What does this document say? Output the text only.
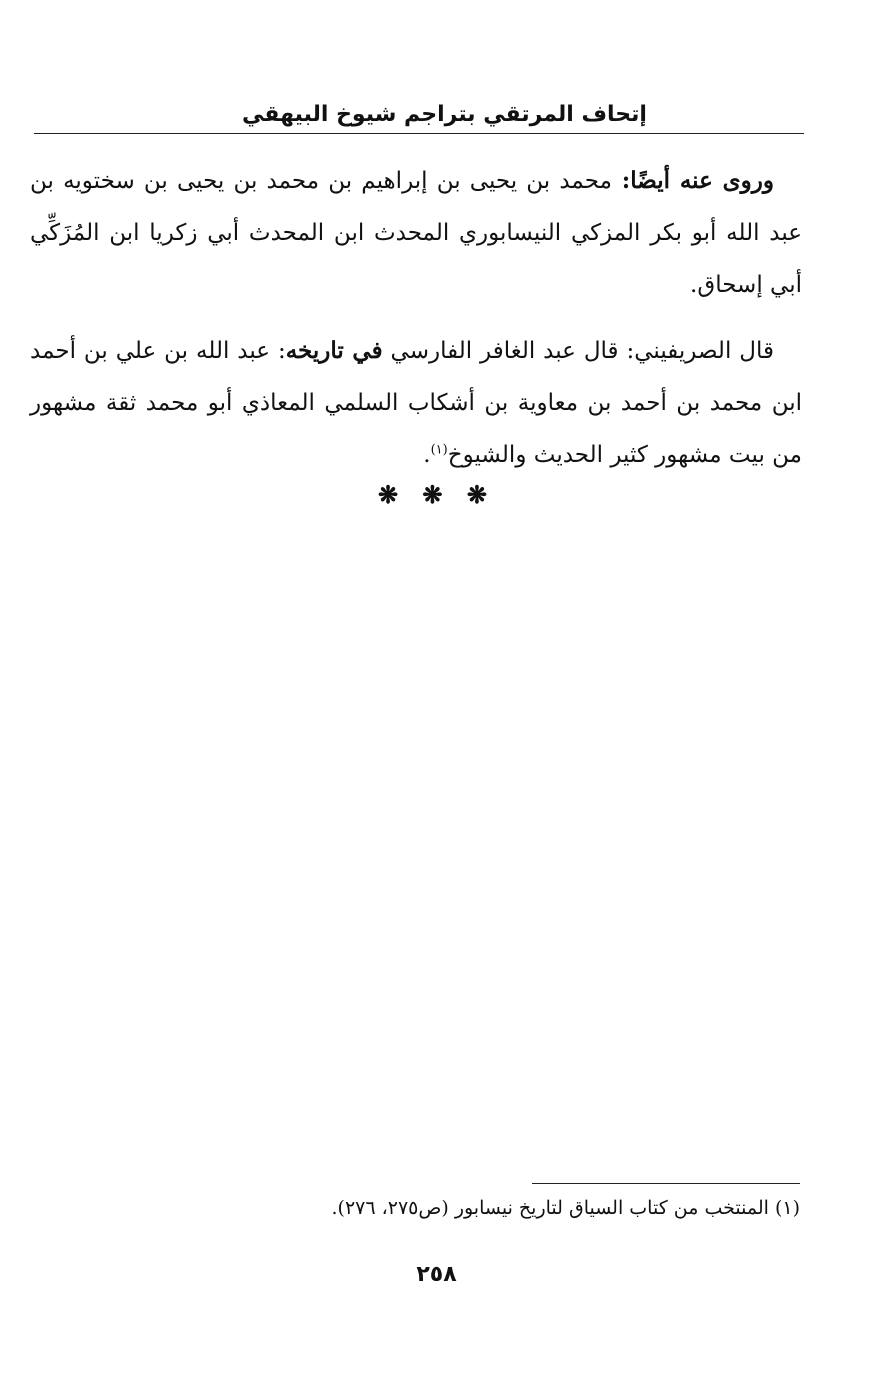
إتحاف المرتقي بتراجم شيوخ البيهقي

وروى عنه أيضًا: محمد بن يحيى بن إبراهيم بن محمد بن يحيى بن سختويه بن عبد الله أبو بكر المزكي النيسابوري المحدث ابن المحدث أبي زكريا ابن المُزَكِّي أبي إسحاق.

قال الصريفيني: قال عبد الغافر الفارسي في تاريخه: عبد الله بن علي بن أحمد ابن محمد بن أحمد بن معاوية بن أشكاب السلمي المعاذي أبو محمد ثقة مشهور من بيت مشهور كثير الحديث والشيوخ$^{(١)}$.

❋ ❋ ❋
(١) المنتخب من كتاب السياق لتاريخ نيسابور (ص٢٧٥، ٢٧٦).
٢٥٨
